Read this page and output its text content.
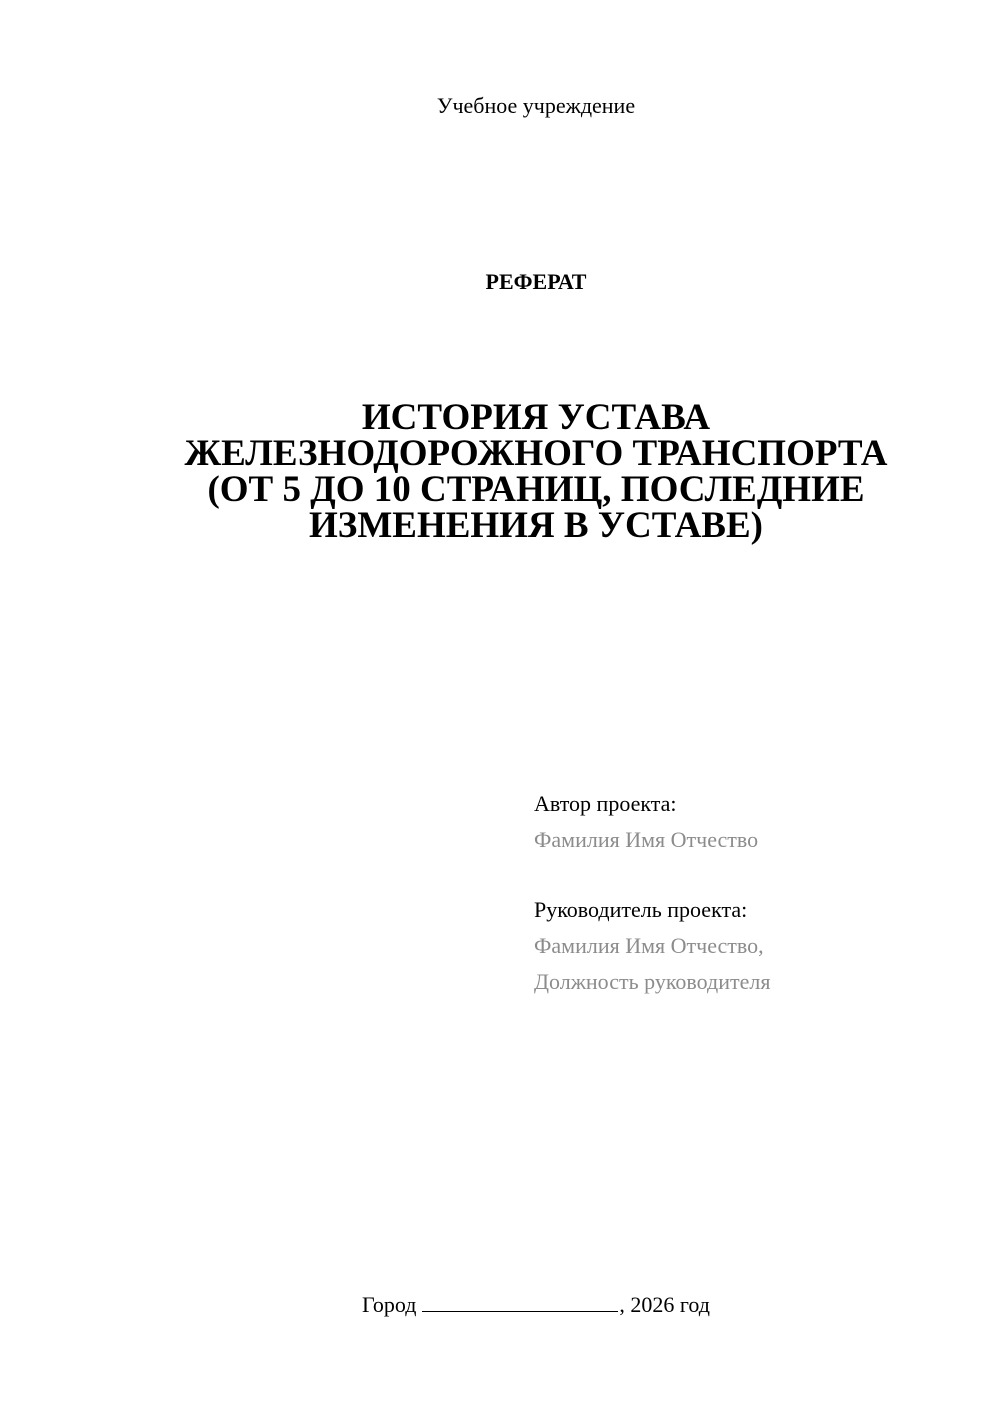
Учебное учреждение
РЕФЕРАТ
ИСТОРИЯ УСТАВА
ЖЕЛЕЗНОДОРОЖНОГО ТРАНСПОРТА
(ОТ 5 ДО 10 СТРАНИЦ, ПОСЛЕДНИЕ
ИЗМЕНЕНИЯ В УСТАВЕ)
Автор проекта:
Фамилия Имя Отчество
Руководитель проекта:
Фамилия Имя Отчество,
Должность руководителя
Город	, 2026 год
